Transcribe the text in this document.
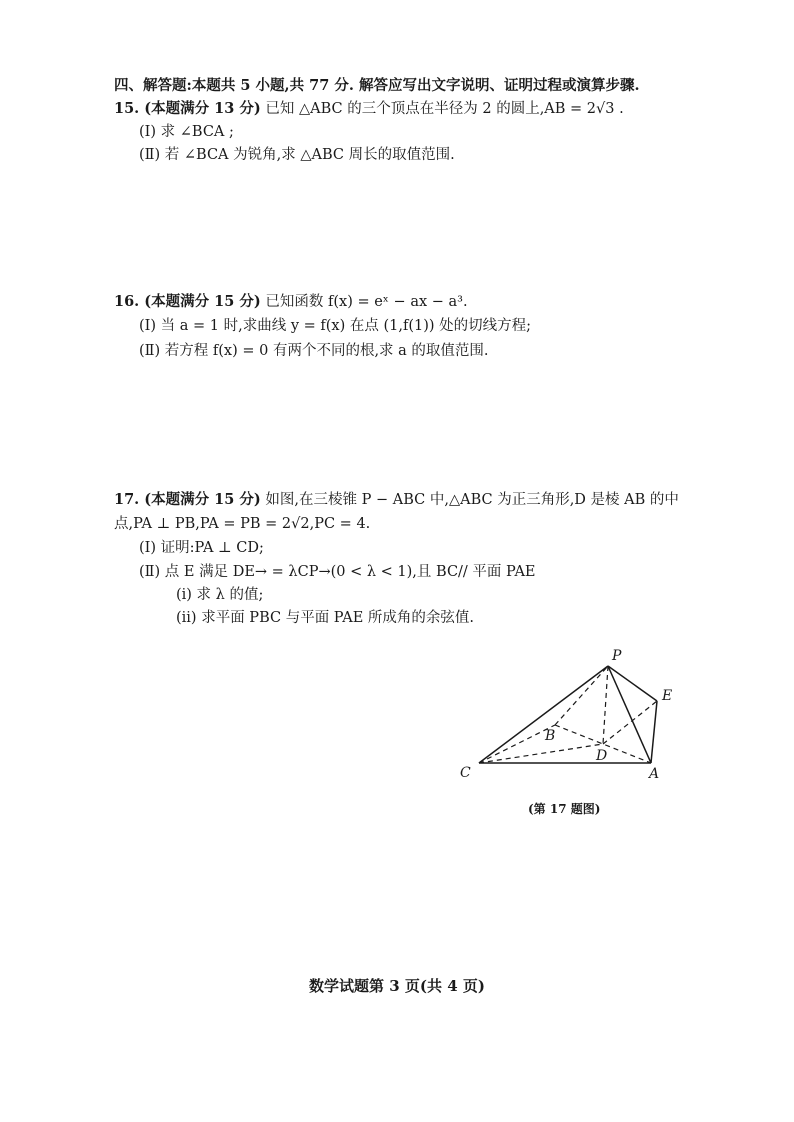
四、解答题:本题共 5 小题,共 77 分. 解答应写出文字说明、证明过程或演算步骤.
15. (本题满分 13 分) 已知 △ABC 的三个顶点在半径为 2 的圆上,AB = 2√3 .
(Ⅰ) 求 ∠BCA ;
(Ⅱ) 若 ∠BCA 为锐角,求 △ABC 周长的取值范围.
16. (本题满分 15 分) 已知函数 f(x) = eˣ − ax − a³.
(Ⅰ) 当 a = 1 时,求曲线 y = f(x) 在点 (1,f(1)) 处的切线方程;
(Ⅱ) 若方程 f(x) = 0 有两个不同的根,求 a 的取值范围.
17. (本题满分 15 分) 如图,在三棱锥 P − ABC 中,△ABC 为正三角形,D 是棱 AB 的中
点,PA ⊥ PB,PA = PB = 2√2,PC = 4.
(Ⅰ) 证明:PA ⊥ CD;
(Ⅱ) 点 E 满足 DE→ = λCP→(0 < λ < 1),且 BC// 平面 PAE
(i) 求 λ 的值;
(ii) 求平面 PBC 与平面 PAE 所成角的余弦值.
P
E
B
D
C	A
(第 17 题图)
数学试题第 3 页(共 4 页)
